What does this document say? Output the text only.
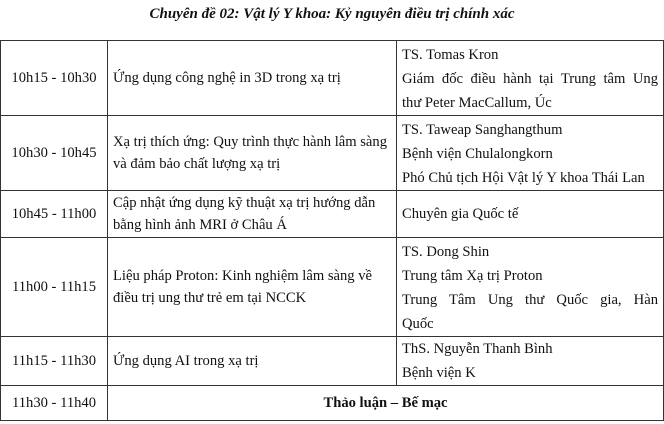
Chuyên đề 02: Vật lý Y khoa: Kỷ nguyên điều trị chính xác
10h15 - 10h30	Ứng dụng công nghệ in 3D trong xạ trị	TS. Tomas Kron
Giám đốc điều hành tại Trung tâm Ung
thư Peter MacCallum, Úc

10h30 - 10h45	Xạ trị thích ứng: Quy trình thực hành lâm sàng và đảm bảo chất lượng xạ trị	TS. Taweap Sanghangthum
Bệnh viện Chulalongkorn
Phó Chủ tịch Hội Vật lý Y khoa Thái Lan

10h45 - 11h00	Cập nhật ứng dụng kỹ thuật xạ trị hướng dẫn bằng hình ảnh MRI ở Châu Á	Chuyên gia Quốc tế

11h00 - 11h15	Liệu pháp Proton: Kinh nghiệm lâm sàng về điều trị ung thư trẻ em tại NCCK	TS. Dong Shin
Trung tâm Xạ trị Proton
Trung Tâm Ung thư Quốc gia, Hàn
Quốc

11h15 - 11h30	Ứng dụng AI trong xạ trị	ThS. Nguyễn Thanh Bình
Bệnh viện K

11h30 - 11h40	Thảo luận – Bế mạc	
